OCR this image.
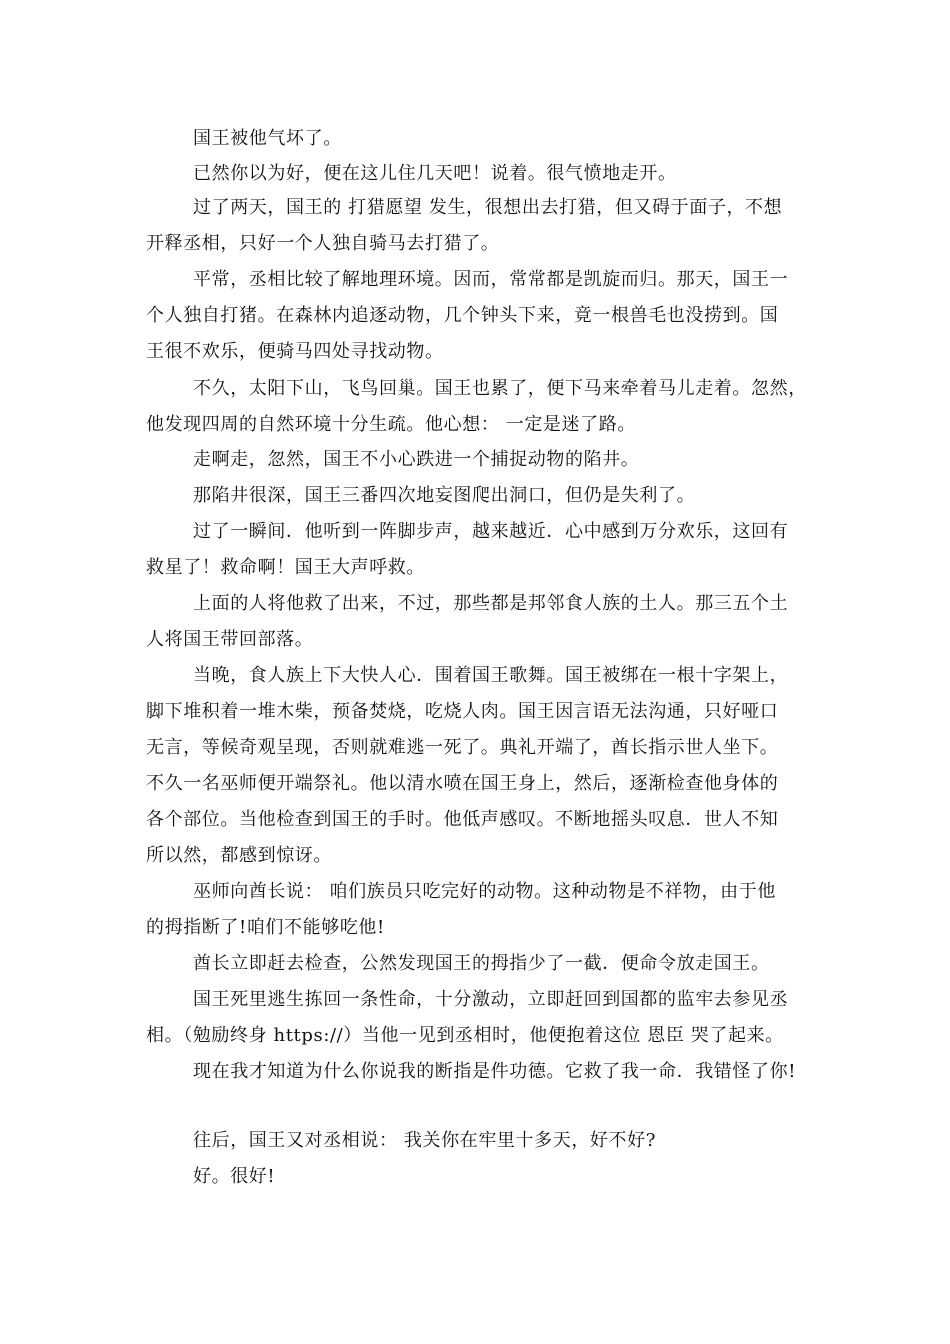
国王被他气坏了。
已然你以为好，便在这儿住几天吧！说着。很气愤地走开。
过了两天，国王的 打猎愿望 发生，很想出去打猎，但又碍于面子，不想
开释丞相，只好一个人独自骑马去打猎了。
平常，丞相比较了解地理环境。因而，常常都是凯旋而归。那天，国王一
个人独自打猪。在森林内追逐动物，几个钟头下来，竟一根兽毛也没捞到。国
王很不欢乐，便骑马四处寻找动物。
不久，太阳下山，飞鸟回巢。国王也累了，便下马来牵着马儿走着。忽然，
他发现四周的自然环境十分生疏。他心想： 一定是迷了路。
走啊走，忽然，国王不小心跌进一个捕捉动物的陷井。
那陷井很深，国王三番四次地妄图爬出洞口，但仍是失利了。
过了一瞬间．他听到一阵脚步声，越来越近．心中感到万分欢乐，这回有
救星了！救命啊！国王大声呼救。
上面的人将他救了出来，不过，那些都是邦邻食人族的土人。那三五个土
人将国王带回部落。
当晚，食人族上下大快人心．围着国王歌舞。国王被绑在一根十字架上，
脚下堆积着一堆木柴，预备焚烧，吃烧人肉。国王因言语无法沟通，只好哑口
无言，等候奇观呈现，否则就难逃一死了。典礼开端了，酋长指示世人坐下。
不久一名巫师便开端祭礼。他以清水喷在国王身上，然后，逐渐检查他身体的
各个部位。当他检查到国王的手时。他低声感叹。不断地摇头叹息．世人不知
所以然，都感到惊讶。
巫师向酋长说： 咱们族员只吃完好的动物。这种动物是不祥物，由于他
的拇指断了!咱们不能够吃他!
酋长立即赶去检查，公然发现国王的拇指少了一截．便命令放走国王。
国王死里逃生拣回一条性命，十分激动，立即赶回到国都的监牢去参见丞
相。（勉励终身 https://）当他一见到丞相时，他便抱着这位 恩臣 哭了起来。
现在我才知道为什么你说我的断指是件功德。它救了我一命．我错怪了你!
往后，国王又对丞相说： 我关你在牢里十多天，好不好?
好。很好!
